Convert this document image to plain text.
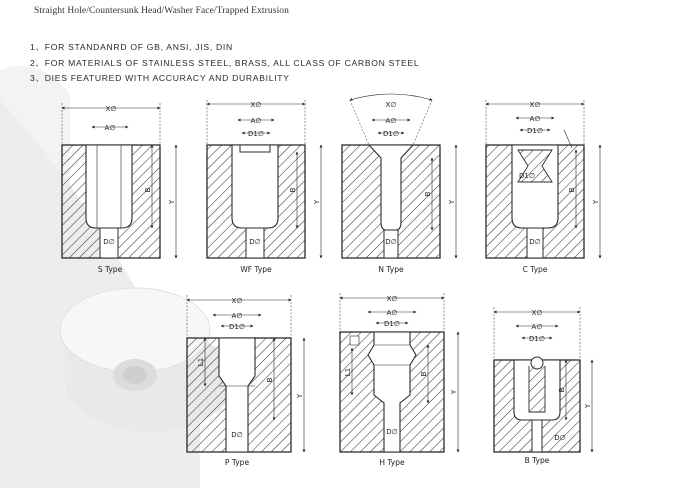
Straight Hole/Countersunk Head/Washer Face/Trapped Extrusion
1、FOR STANDANRD OF GB, ANSI, JIS, DIN
2、FOR MATERIALS OF STAINLESS STEEL, BRASS, ALL CLASS OF CARBON STEEL
3、DIES FEATURED WITH ACCURACY AND DURABILITY
X∅
A∅
B
Y
D∅
S Type
X∅
A∅
D1∅
B
Y
D∅
WF Type
X∅
A∅
D1∅
B
Y
D∅
N Type
X∅
A∅
D1∅
D1∅
B
Y
D∅
C Type
X∅
A∅
D1∅
L1
B
Y
D∅
P Type
X∅
A∅
D1∅
L1	B
Y
D∅
H Type
X∅
A∅
D1∅
B
Y
D∅
B Type
